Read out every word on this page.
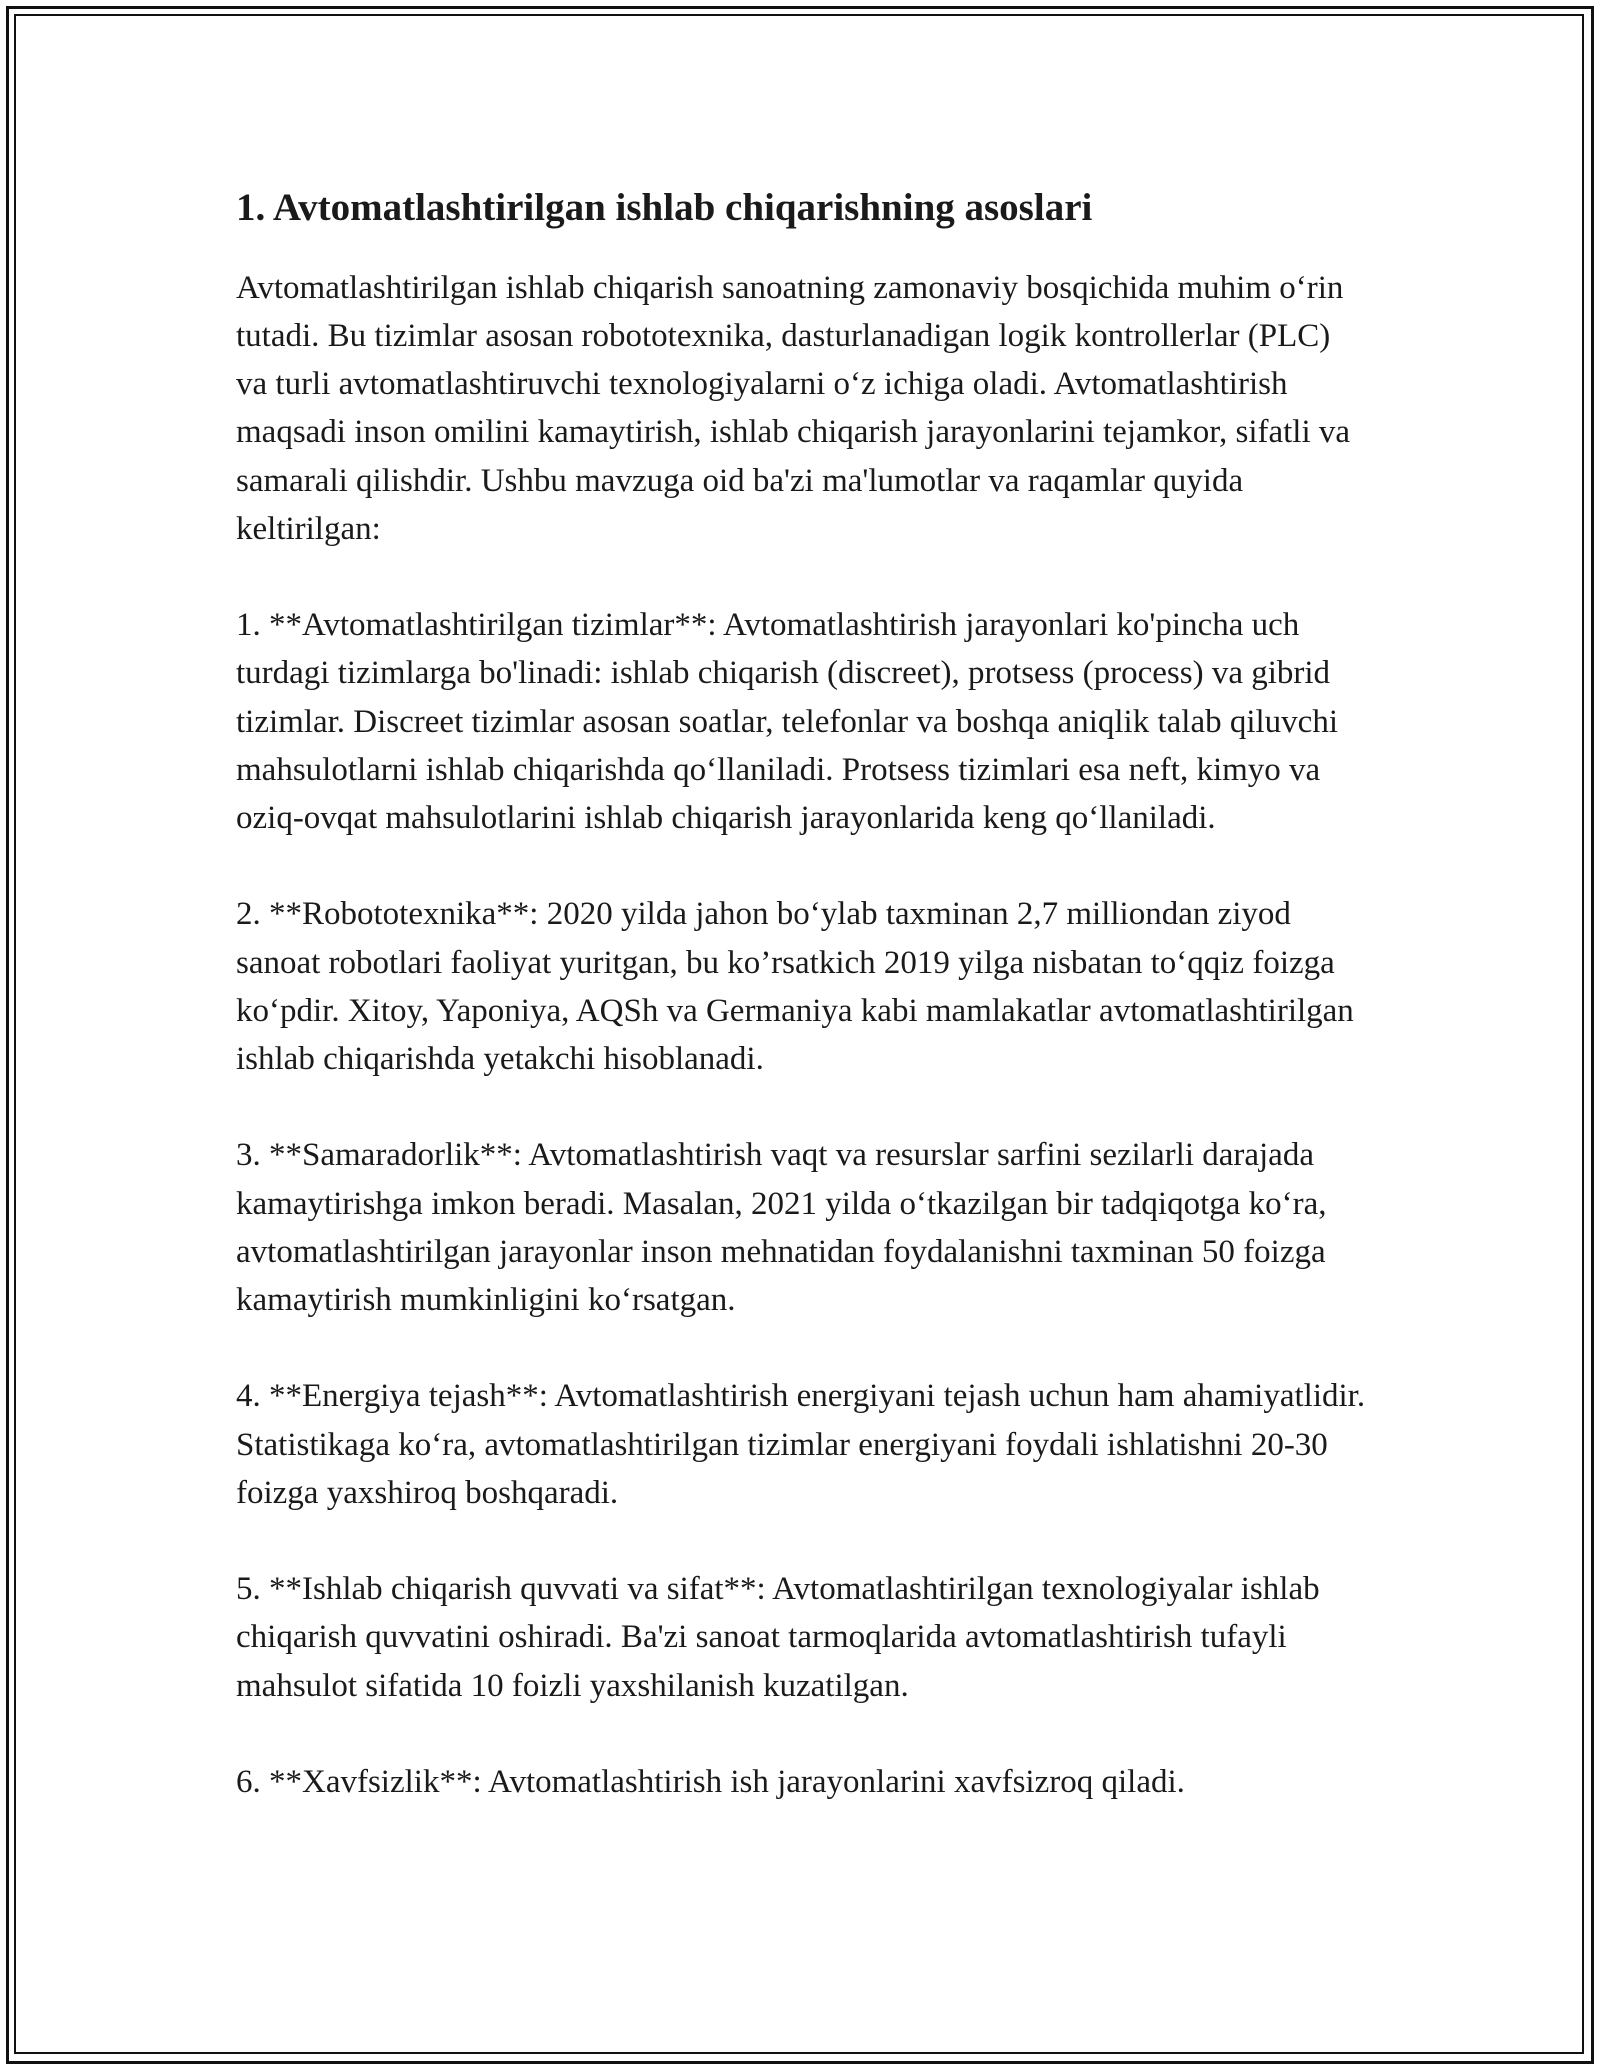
1. Avtomatlashtirilgan ishlab chiqarishning asoslari

Avtomatlashtirilgan ishlab chiqarish sanoatning zamonaviy bosqichida muhim o‘rin tutadi. Bu tizimlar asosan robototexnika, dasturlanadigan logik kontrollerlar (PLC) va turli avtomatlashtiruvchi texnologiyalarni o‘z ichiga oladi. Avtomatlashtirish maqsadi inson omilini kamaytirish, ishlab chiqarish jarayonlarini tejamkor, sifatli va samarali qilishdir. Ushbu mavzuga oid ba'zi ma'lumotlar va raqamlar quyida keltirilgan:

1. **Avtomatlashtirilgan tizimlar**: Avtomatlashtirish jarayonlari ko'pincha uch turdagi tizimlarga bo'linadi: ishlab chiqarish (discreet), protsess (process) va gibrid tizimlar. Discreet tizimlar asosan soatlar, telefonlar va boshqa aniqlik talab qiluvchi mahsulotlarni ishlab chiqarishda qo‘llaniladi. Protsess tizimlari esa neft, kimyo va oziq-ovqat mahsulotlarini ishlab chiqarish jarayonlarida keng qo‘llaniladi.

2. **Robototexnika**: 2020 yilda jahon bo‘ylab taxminan 2,7 milliondan ziyod sanoat robotlari faoliyat yuritgan, bu ko’rsatkich 2019 yilga nisbatan to‘qqiz foizga ko‘pdir. Xitoy, Yaponiya, AQSh va Germaniya kabi mamlakatlar avtomatlashtirilgan ishlab chiqarishda yetakchi hisoblanadi.

3. **Samaradorlik**: Avtomatlashtirish vaqt va resurslar sarfini sezilarli darajada kamaytirishga imkon beradi. Masalan, 2021 yilda o‘tkazilgan bir tadqiqotga ko‘ra, avtomatlashtirilgan jarayonlar inson mehnatidan foydalanishni taxminan 50 foizga kamaytirish mumkinligini ko‘rsatgan.

4. **Energiya tejash**: Avtomatlashtirish energiyani tejash uchun ham ahamiyatlidir. Statistikaga ko‘ra, avtomatlashtirilgan tizimlar energiyani foydali ishlatishni 20-30 foizga yaxshiroq boshqaradi.

5. **Ishlab chiqarish quvvati va sifat**: Avtomatlashtirilgan texnologiyalar ishlab chiqarish quvvatini oshiradi. Ba'zi sanoat tarmoqlarida avtomatlashtirish tufayli mahsulot sifatida 10 foizli yaxshilanish kuzatilgan.

6. **Xavfsizlik**: Avtomatlashtirish ish jarayonlarini xavfsizroq qiladi.
